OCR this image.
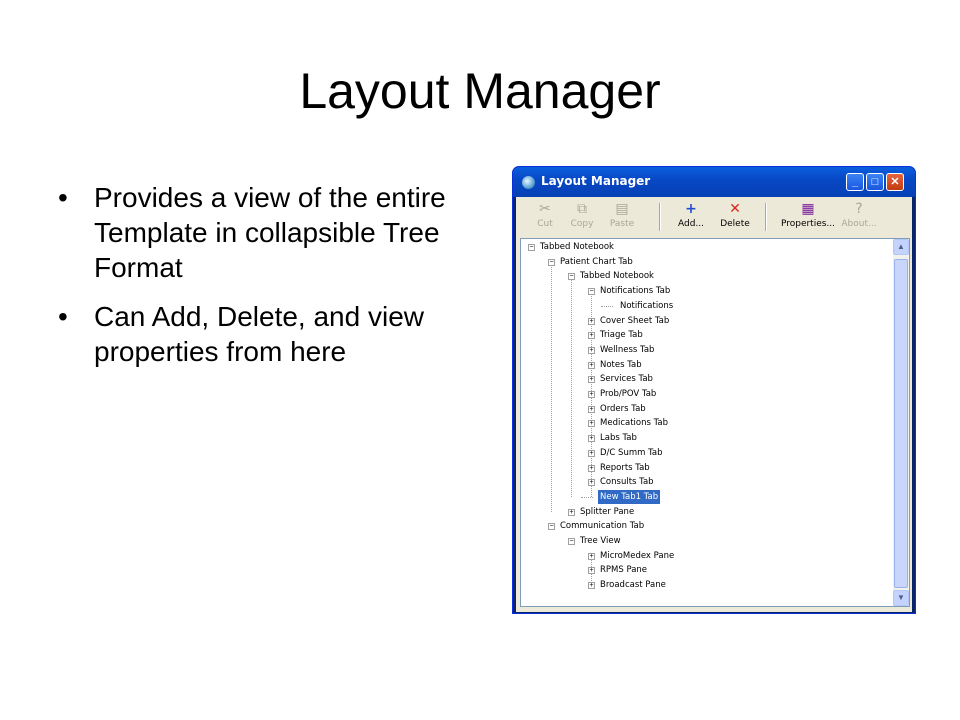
Layout Manager
• Provides a view of the entire Template in collapsible Tree Format
• Can Add, Delete, and view properties from here
Layout Manager	_	□	✕
✂
Cut
⧉
Copy
▤
Paste
+
Add...
✕
Delete
▦
Properties...
?
About...
− Tabbed Notebook
− Patient Chart Tab
− Tabbed Notebook
− Notifications Tab
Notifications
+ Cover Sheet Tab
+ Triage Tab
+ Wellness Tab
+ Notes Tab
+ Services Tab
+ Prob/POV Tab
+ Orders Tab
+ Medications Tab
+ Labs Tab
+ D/C Summ Tab
+ Reports Tab
+ Consults Tab
New Tab1 Tab
+ Splitter Pane
− Communication Tab
− Tree View
+ MicroMedex Pane
+ RPMS Pane
+ Broadcast Pane
▲
▼
